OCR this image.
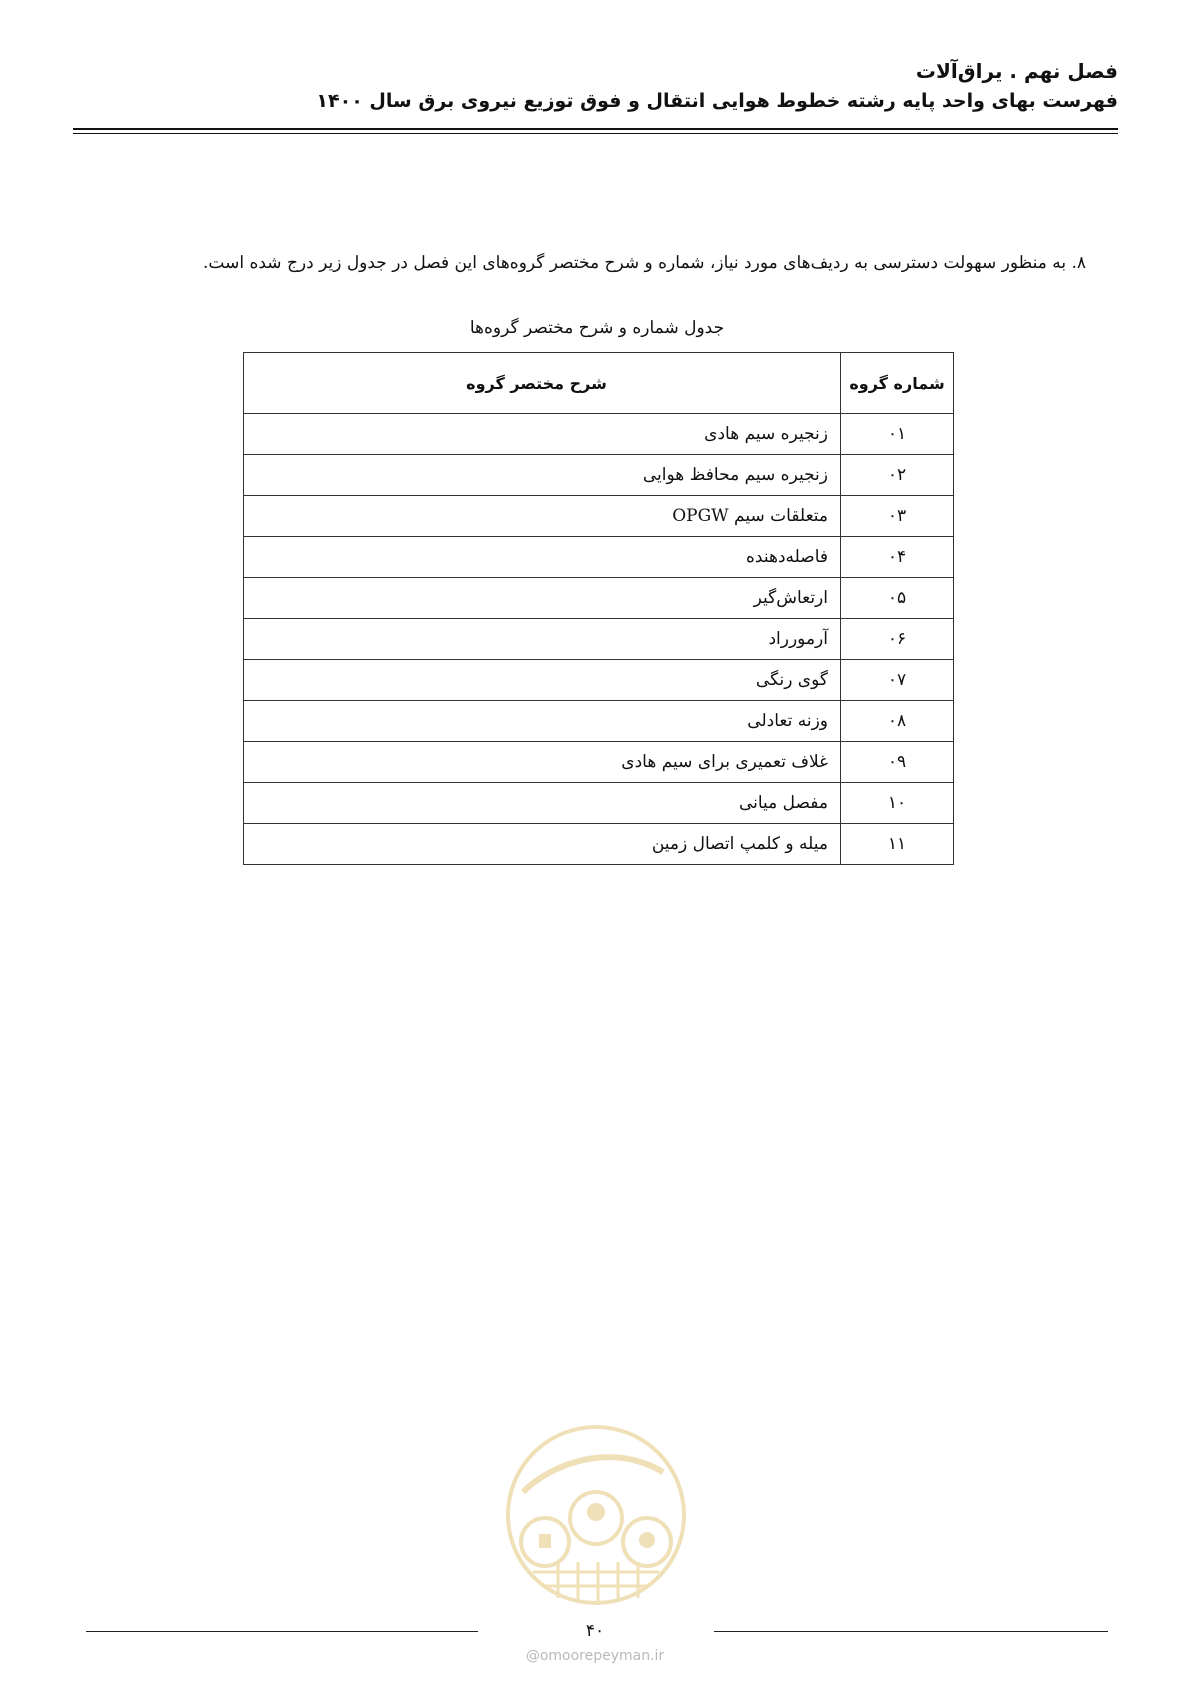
فصل نهم . یراق‌آلات
فهرست بهای واحد پایه رشته خطوط هوایی انتقال و فوق توزیع نیروی برق سال ۱۴۰۰
۸. به منظور سهولت دسترسی به ردیف‌های مورد نیاز، شماره و شرح مختصر گروه‌های این فصل در جدول زیر درج شده است.
جدول شماره و شرح مختصر گروه‌ها
شماره گروه	شرح مختصر گروه
۰۱	زنجیره سیم هادی
۰۲	زنجیره سیم محافظ هوایی
۰۳	متعلقات سیم OPGW
۰۴	فاصله‌دهنده
۰۵	ارتعاش‌گیر
۰۶	آرمورراد
۰۷	گوی رنگی
۰۸	وزنه تعادلی
۰۹	غلاف تعمیری برای سیم هادی
۱۰	مفصل میانی
۱۱	میله و کلمپ اتصال زمین
۴۰
@omoorepeyman.ir
